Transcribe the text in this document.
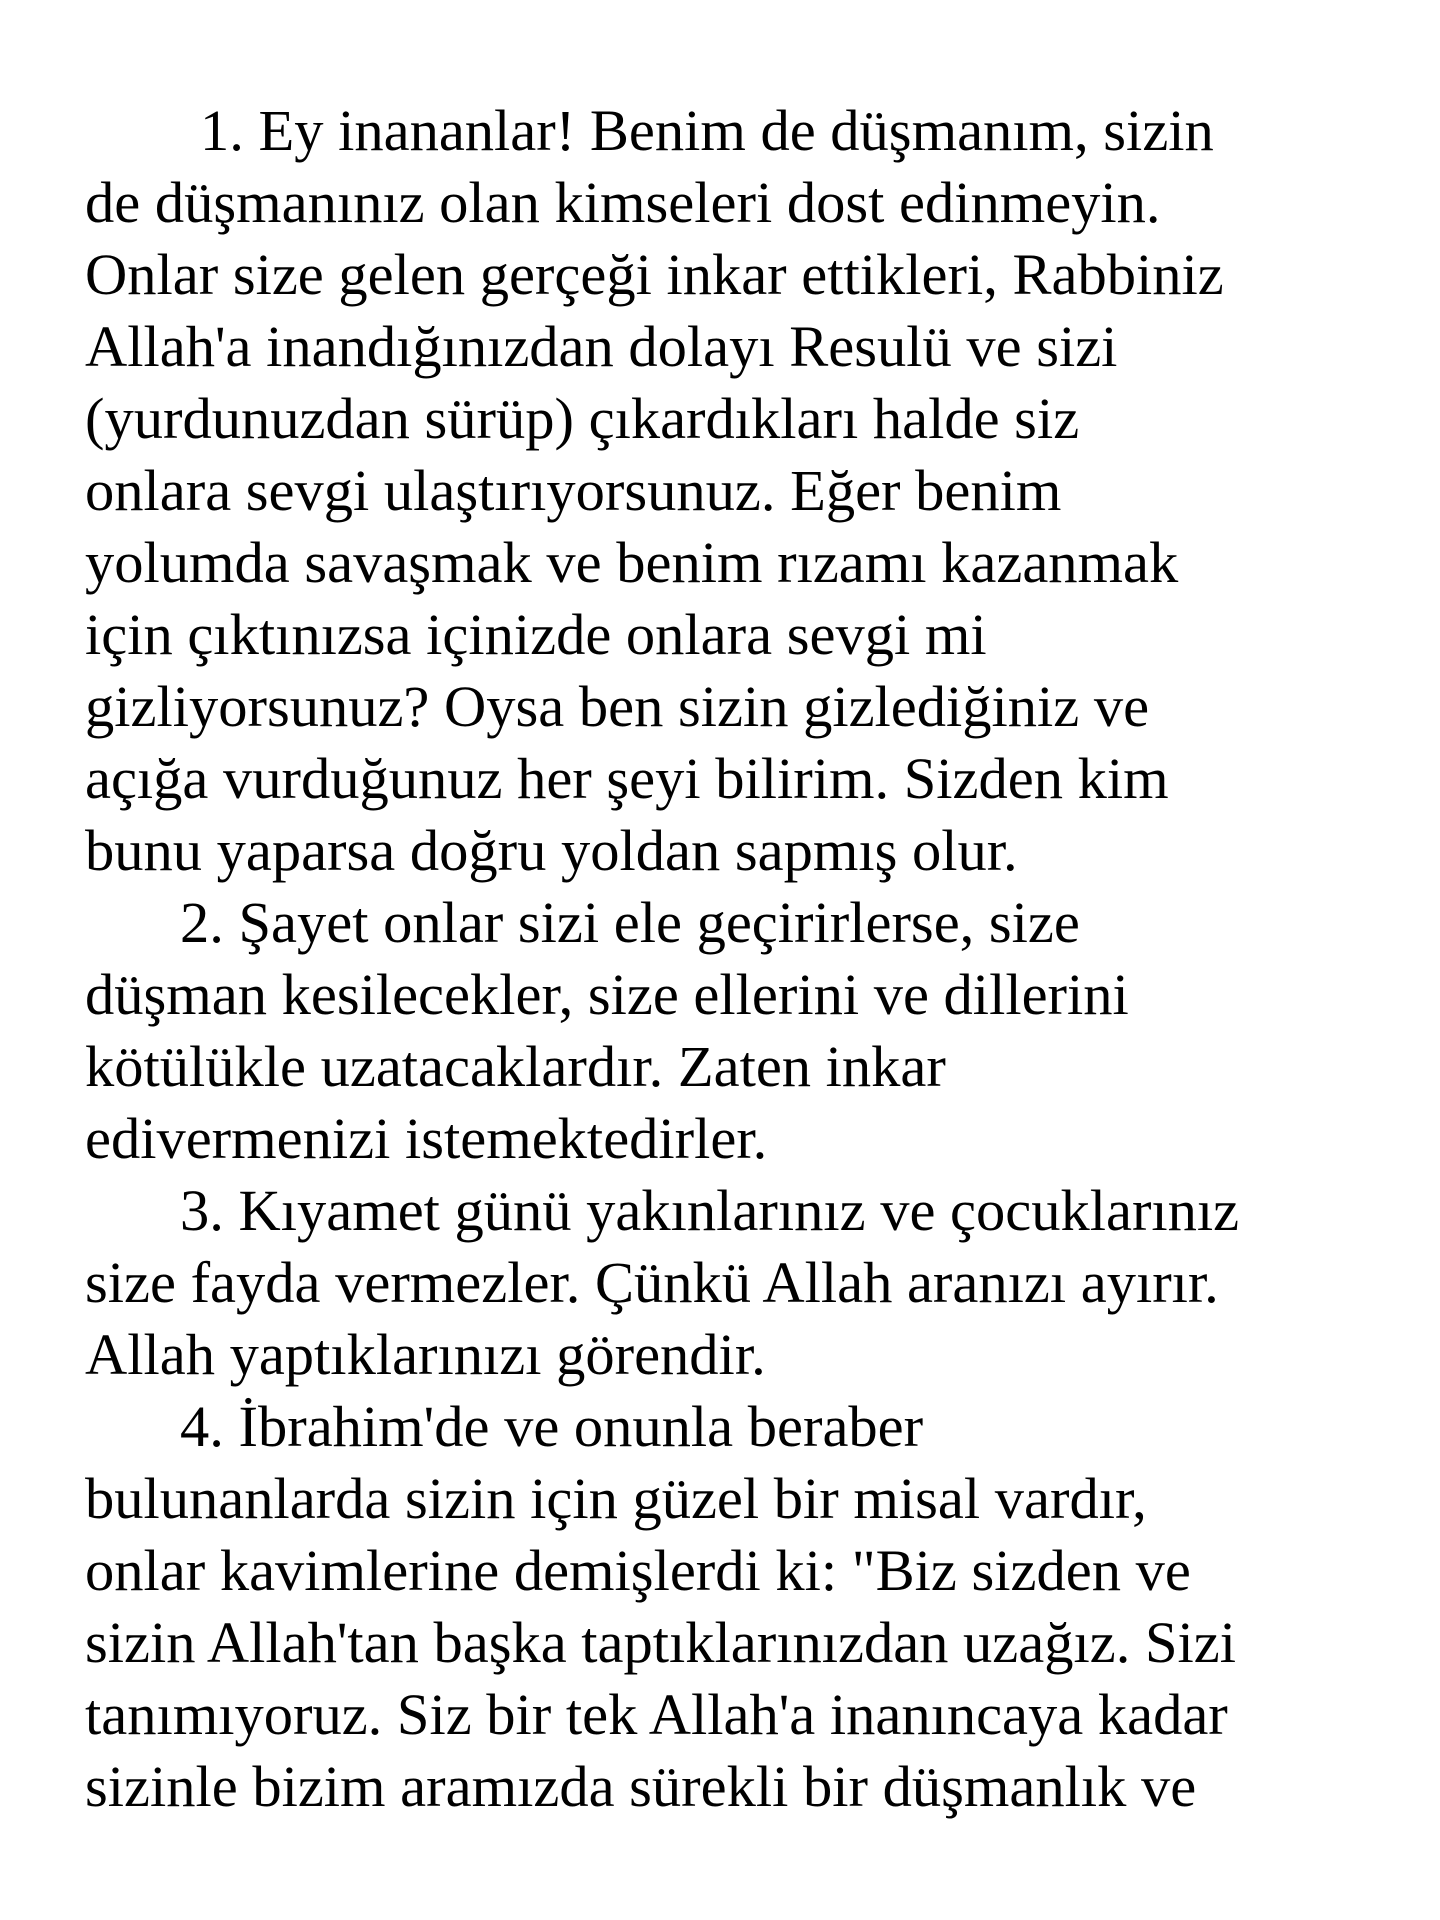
1. Ey inananlar! Benim de düşmanım, sizin
de düşmanınız olan kimseleri dost edinmeyin.
Onlar size gelen gerçeği inkar ettikleri, Rabbiniz
Allah'a inandığınızdan dolayı Resulü ve sizi
(yurdunuzdan sürüp) çıkardıkları halde siz
onlara sevgi ulaştırıyorsunuz. Eğer benim
yolumda savaşmak ve benim rızamı kazanmak
için çıktınızsa içinizde onlara sevgi mi
gizliyorsunuz? Oysa ben sizin gizlediğiniz ve
açığa vurduğunuz her şeyi bilirim. Sizden kim
bunu yaparsa doğru yoldan sapmış olur.
2. Şayet onlar sizi ele geçirirlerse, size
düşman kesilecekler, size ellerini ve dillerini
kötülükle uzatacaklardır. Zaten inkar
edivermenizi istemektedirler.
3. Kıyamet günü yakınlarınız ve çocuklarınız
size fayda vermezler. Çünkü Allah aranızı ayırır.
Allah yaptıklarınızı görendir.
4. İbrahim'de ve onunla beraber
bulunanlarda sizin için güzel bir misal vardır,
onlar kavimlerine demişlerdi ki: "Biz sizden ve
sizin Allah'tan başka taptıklarınızdan uzağız. Sizi
tanımıyoruz. Siz bir tek Allah'a inanıncaya kadar
sizinle bizim aramızda sürekli bir düşmanlık ve
